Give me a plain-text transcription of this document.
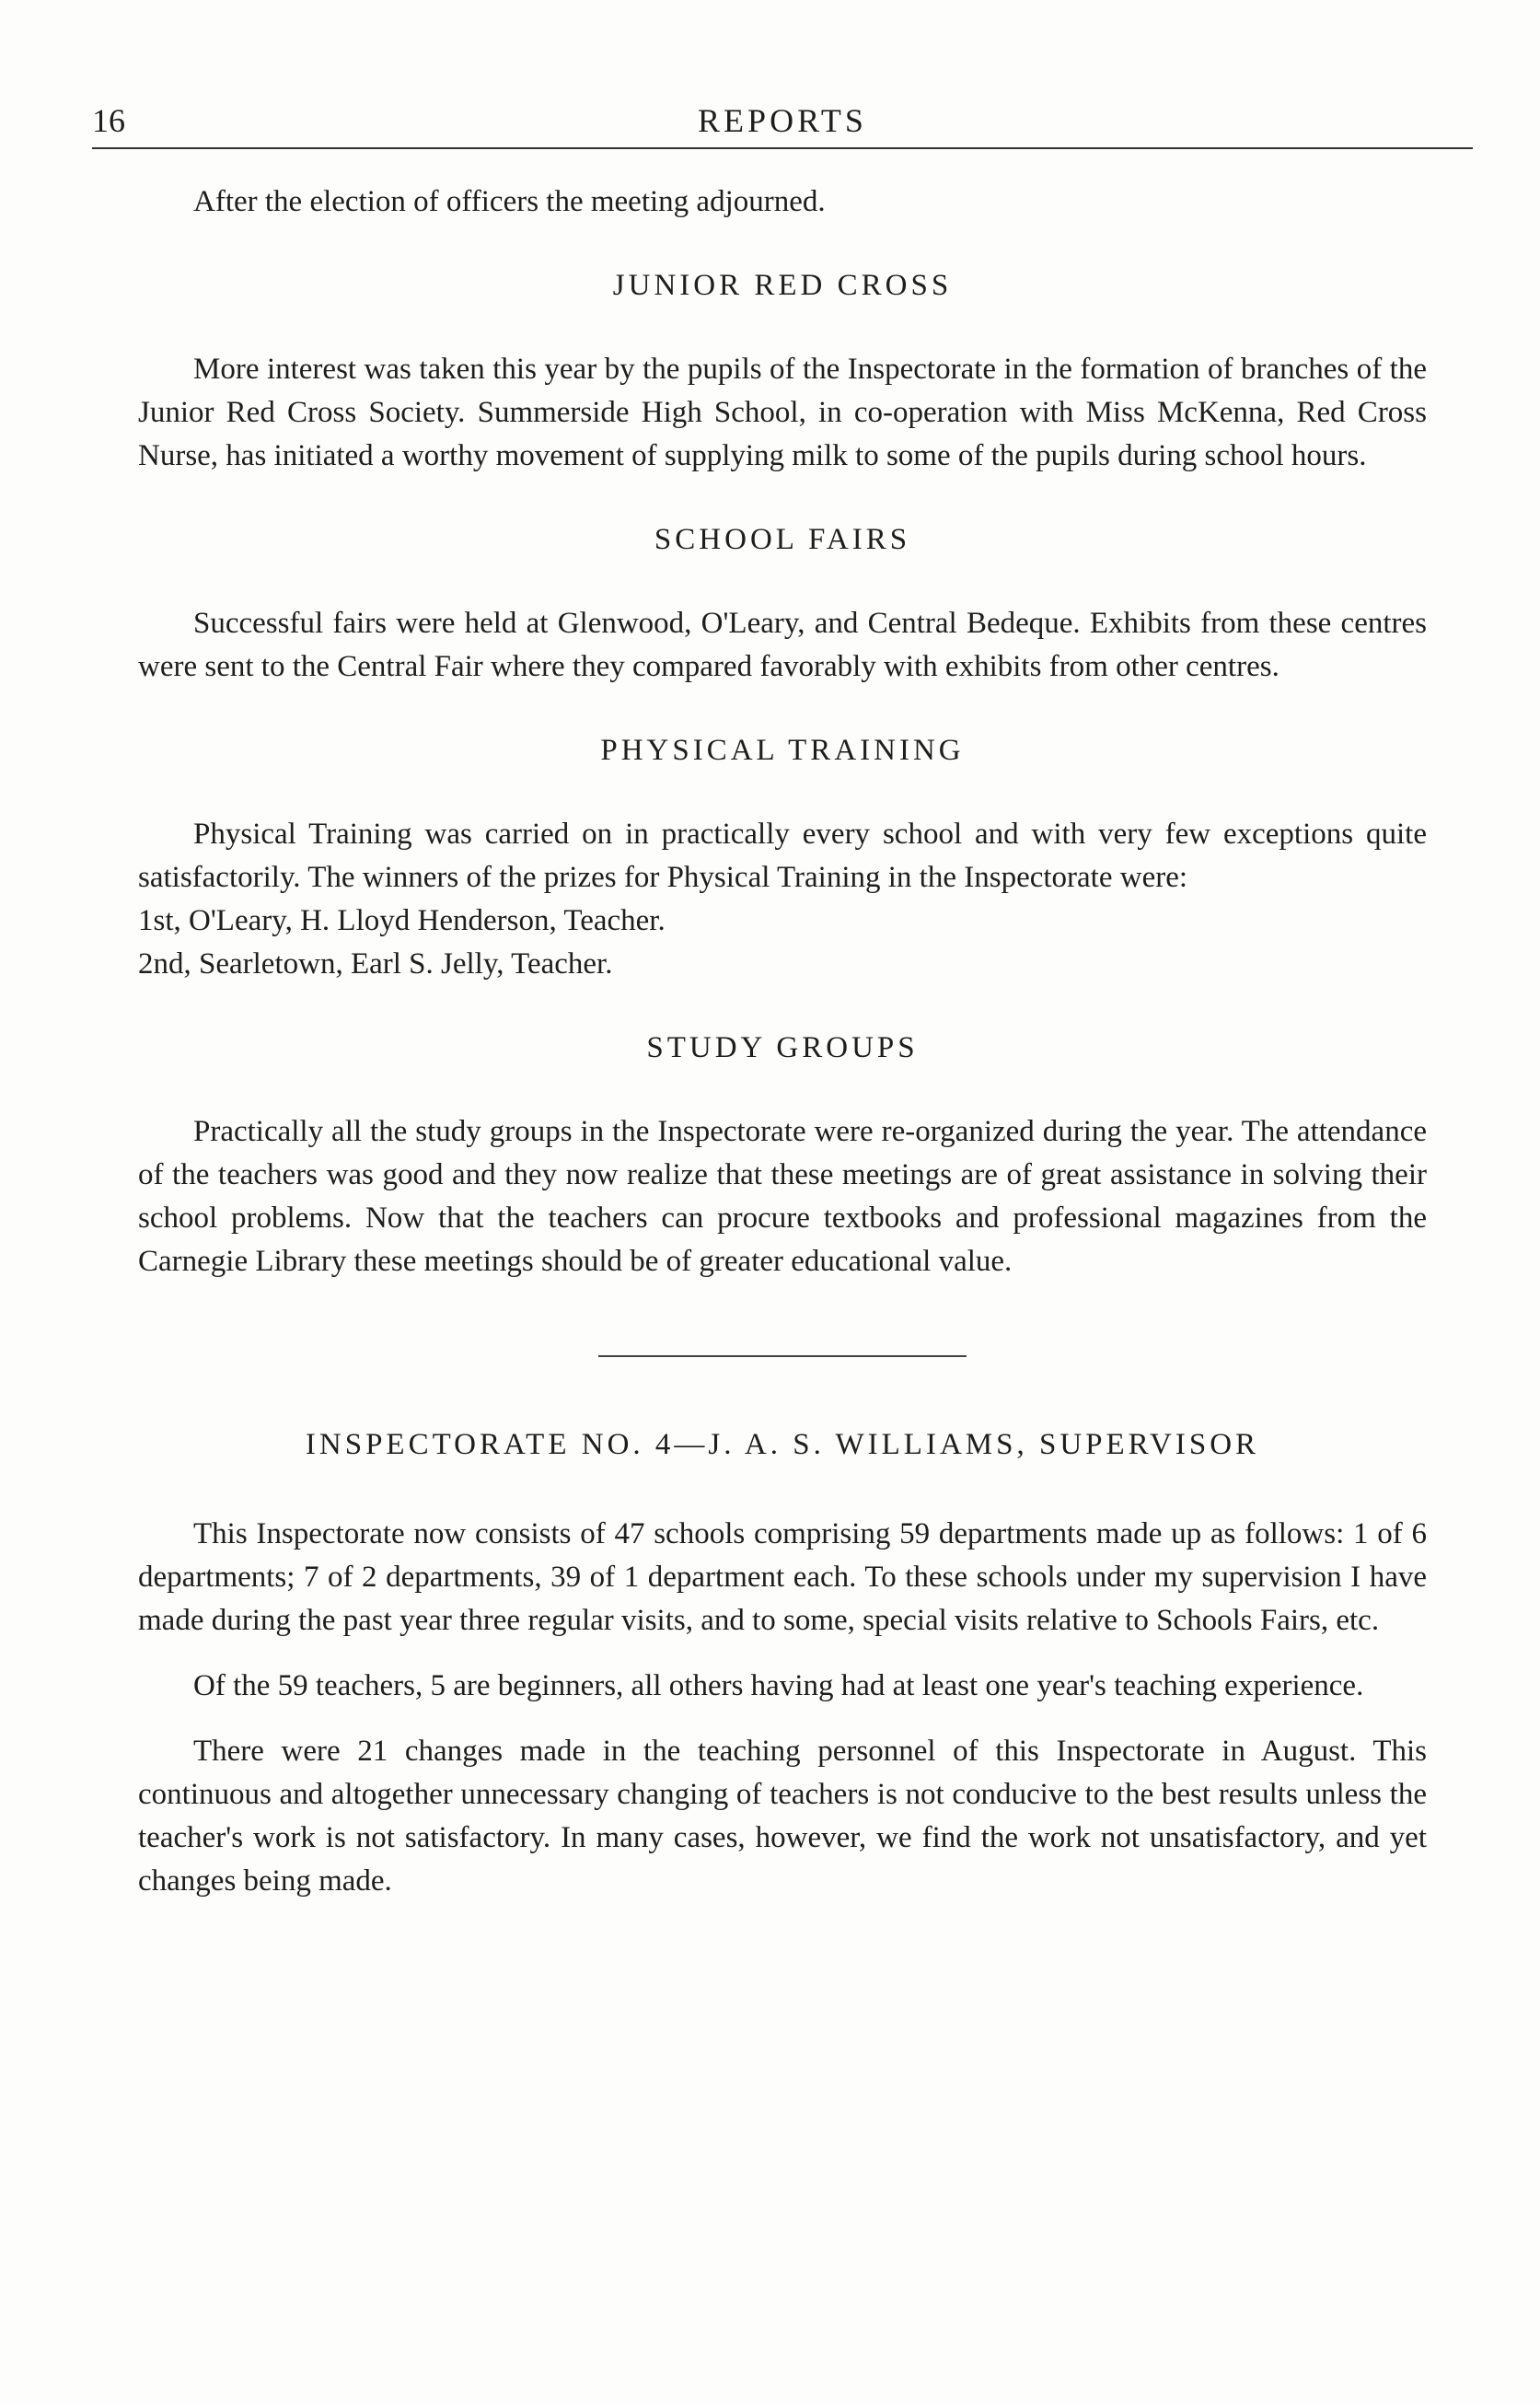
16	REPORTS

After the election of officers the meeting adjourned.

JUNIOR RED CROSS

More interest was taken this year by the pupils of the Inspectorate in the formation of branches of the Junior Red Cross Society. Summerside High School, in co-operation with Miss McKenna, Red Cross Nurse, has initiated a worthy movement of supplying milk to some of the pupils during school hours.

SCHOOL FAIRS

Successful fairs were held at Glenwood, O'Leary, and Central Bedeque. Exhibits from these centres were sent to the Central Fair where they compared favorably with exhibits from other centres.

PHYSICAL TRAINING

Physical Training was carried on in practically every school and with very few exceptions quite satisfactorily. The winners of the prizes for Physical Training in the Inspectorate were:

1st, O'Leary, H. Lloyd Henderson, Teacher.
2nd, Searletown, Earl S. Jelly, Teacher.
STUDY GROUPS

Practically all the study groups in the Inspectorate were re-organized during the year. The attendance of the teachers was good and they now realize that these meetings are of great assistance in solving their school problems. Now that the teachers can procure textbooks and professional magazines from the Carnegie Library these meetings should be of greater educational value.

INSPECTORATE NO. 4—J. A. S. WILLIAMS, SUPERVISOR

This Inspectorate now consists of 47 schools comprising 59 departments made up as follows: 1 of 6 departments; 7 of 2 departments, 39 of 1 department each. To these schools under my supervision I have made during the past year three regular visits, and to some, special visits relative to Schools Fairs, etc.

Of the 59 teachers, 5 are beginners, all others having had at least one year's teaching experience.

There were 21 changes made in the teaching personnel of this Inspectorate in August. This continuous and altogether unnecessary changing of teachers is not conducive to the best results unless the teacher's work is not satisfactory. In many cases, however, we find the work not unsatisfactory, and yet changes being made.
